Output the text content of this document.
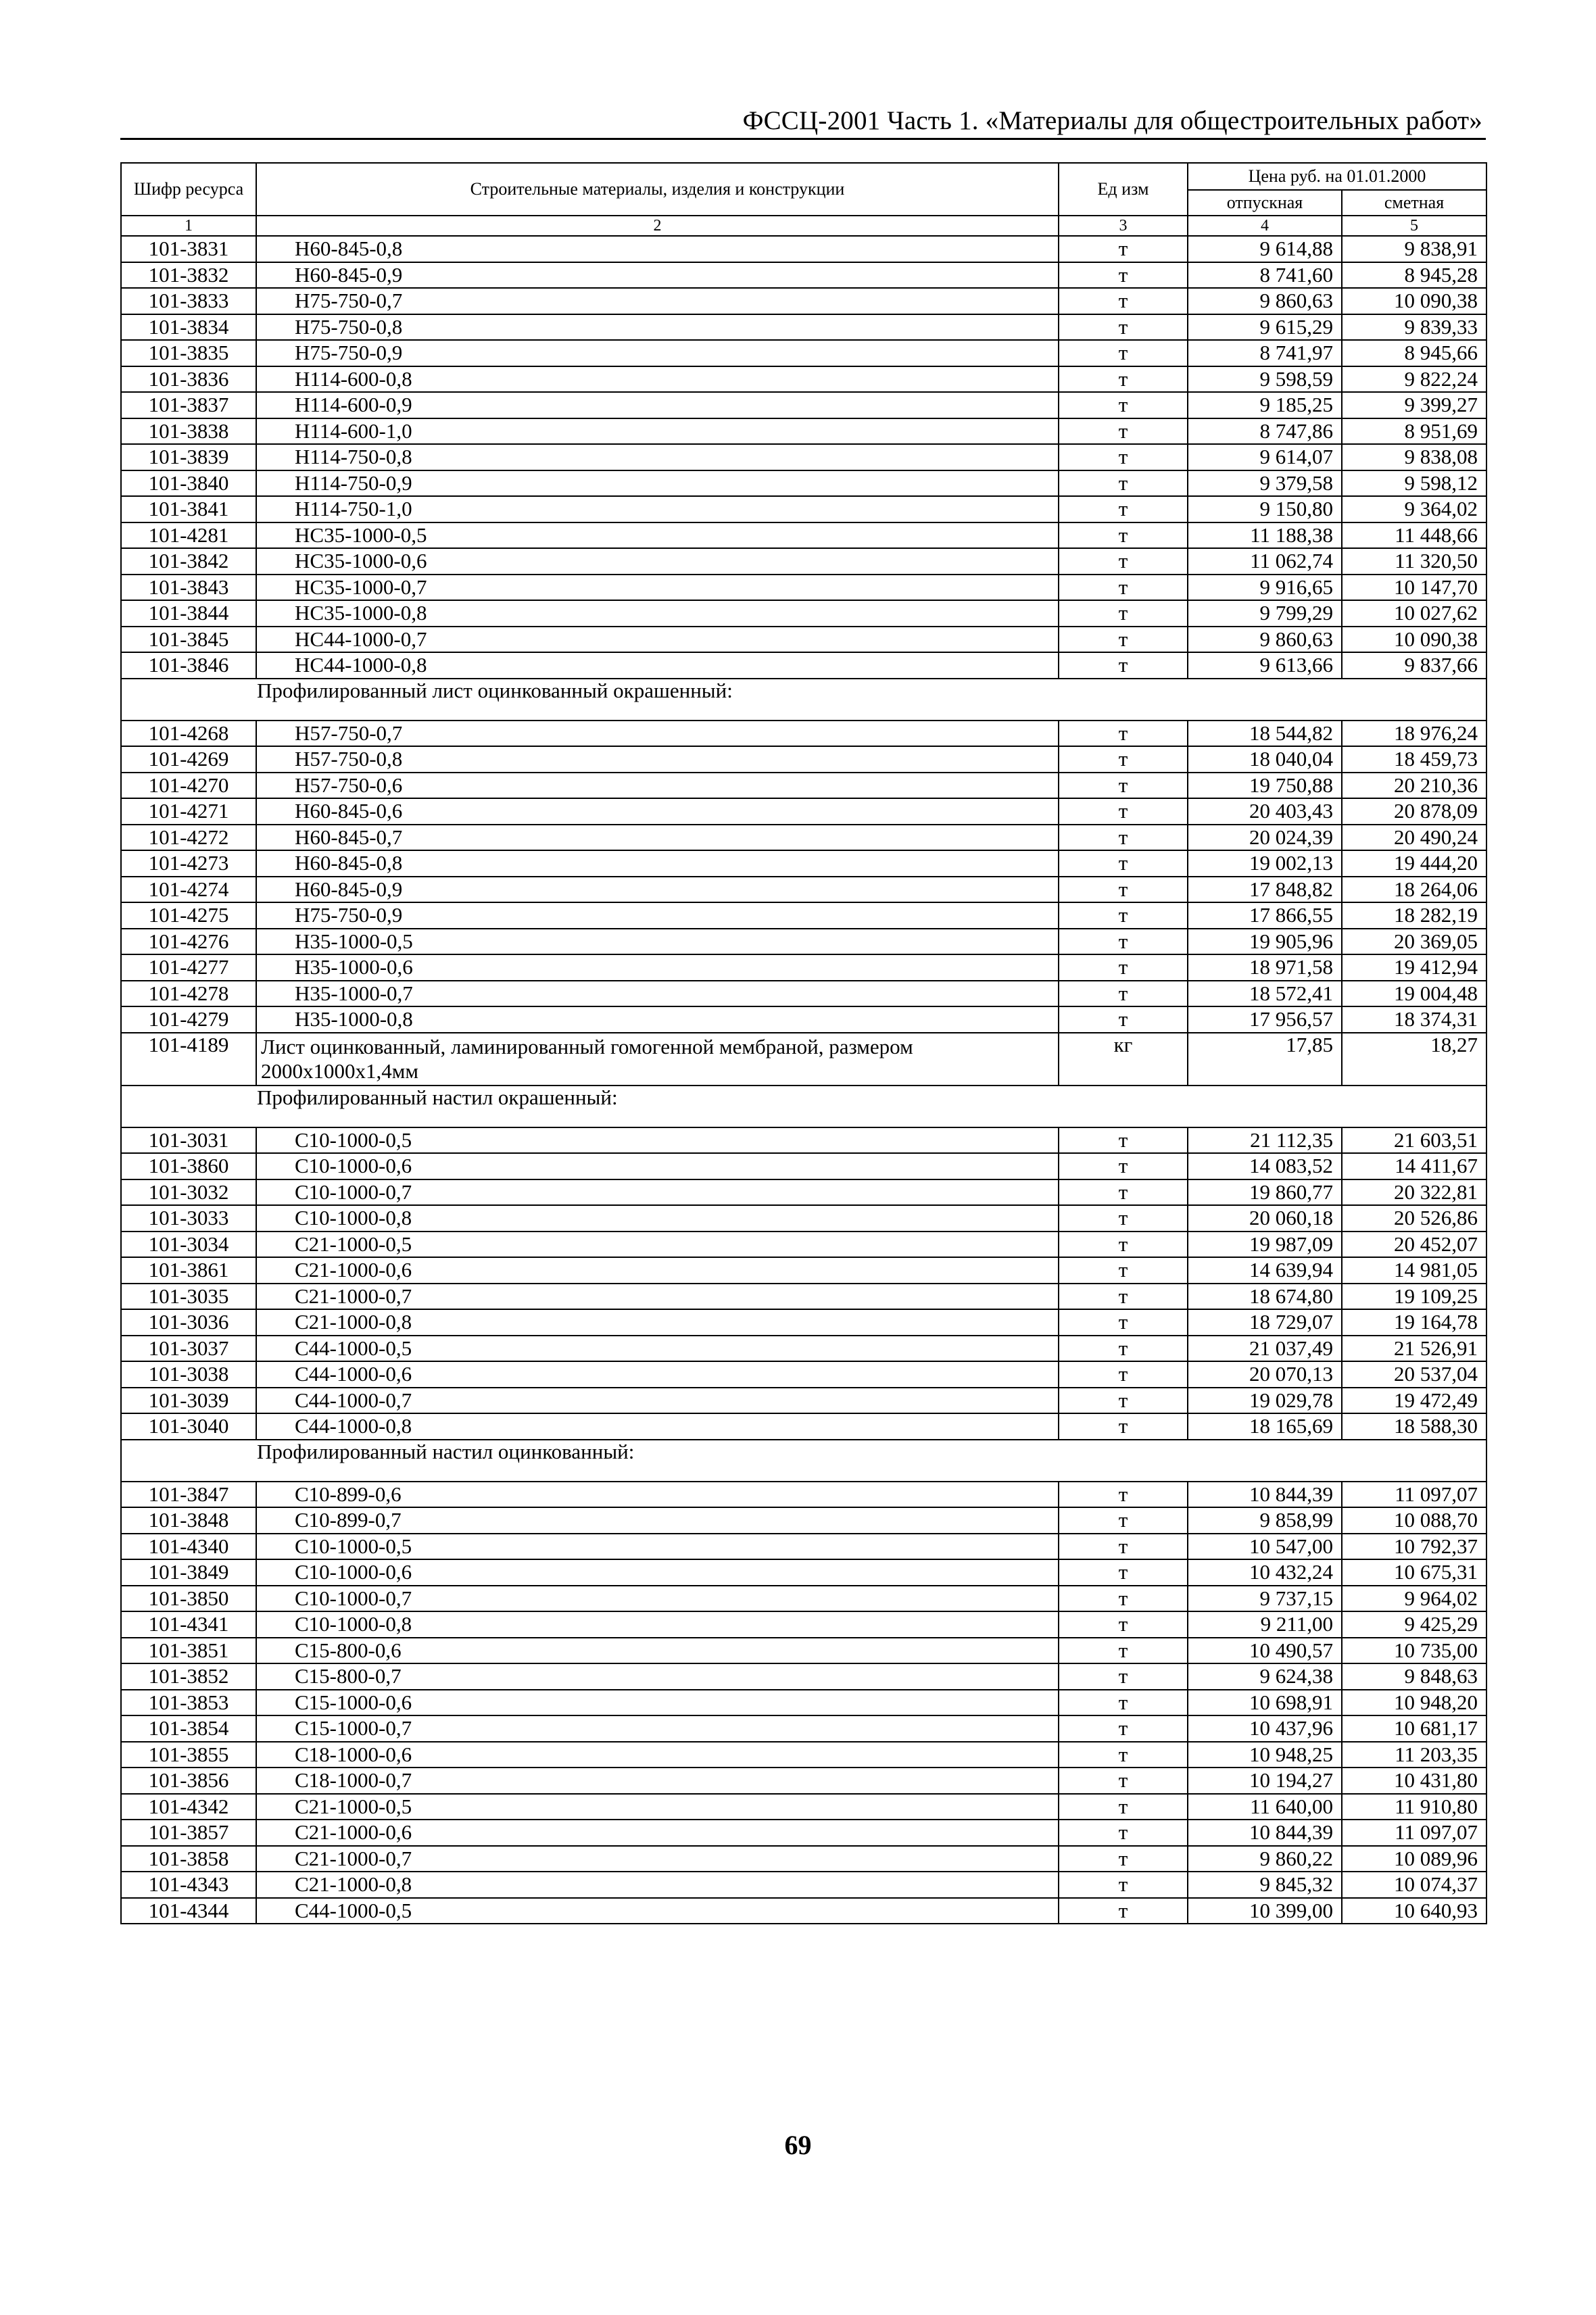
ФССЦ-2001 Часть 1. «Материалы для общестроительных работ»
Шифр ресурса	Строительные материалы, изделия и конструкции	Ед изм	Цена руб. на 01.01.2000	
			отпускная	сметная
1	2	3	4	5
101-3831	Н60-845-0,8	т	9 614,88	9 838,91
101-3832	Н60-845-0,9	т	8 741,60	8 945,28
101-3833	Н75-750-0,7	т	9 860,63	10 090,38
101-3834	Н75-750-0,8	т	9 615,29	9 839,33
101-3835	Н75-750-0,9	т	8 741,97	8 945,66
101-3836	Н114-600-0,8	т	9 598,59	9 822,24
101-3837	Н114-600-0,9	т	9 185,25	9 399,27
101-3838	Н114-600-1,0	т	8 747,86	8 951,69
101-3839	Н114-750-0,8	т	9 614,07	9 838,08
101-3840	Н114-750-0,9	т	9 379,58	9 598,12
101-3841	Н114-750-1,0	т	9 150,80	9 364,02
101-4281	НС35-1000-0,5	т	11 188,38	11 448,66
101-3842	НС35-1000-0,6	т	11 062,74	11 320,50
101-3843	НС35-1000-0,7	т	9 916,65	10 147,70
101-3844	НС35-1000-0,8	т	9 799,29	10 027,62
101-3845	НС44-1000-0,7	т	9 860,63	10 090,38
101-3846	НС44-1000-0,8	т	9 613,66	9 837,66
Профилированный лист оцинкованный окрашенный:				
101-4268	Н57-750-0,7	т	18 544,82	18 976,24
101-4269	Н57-750-0,8	т	18 040,04	18 459,73
101-4270	Н57-750-0,6	т	19 750,88	20 210,36
101-4271	Н60-845-0,6	т	20 403,43	20 878,09
101-4272	Н60-845-0,7	т	20 024,39	20 490,24
101-4273	Н60-845-0,8	т	19 002,13	19 444,20
101-4274	Н60-845-0,9	т	17 848,82	18 264,06
101-4275	Н75-750-0,9	т	17 866,55	18 282,19
101-4276	Н35-1000-0,5	т	19 905,96	20 369,05
101-4277	Н35-1000-0,6	т	18 971,58	19 412,94
101-4278	Н35-1000-0,7	т	18 572,41	19 004,48
101-4279	Н35-1000-0,8	т	17 956,57	18 374,31
101-4189	Лист оцинкованный, ламинированный гомогенной мембраной, размером 2000х1000х1,4мм	кг	17,85	18,27
Профилированный настил окрашенный:				
101-3031	С10-1000-0,5	т	21 112,35	21 603,51
101-3860	С10-1000-0,6	т	14 083,52	14 411,67
101-3032	С10-1000-0,7	т	19 860,77	20 322,81
101-3033	С10-1000-0,8	т	20 060,18	20 526,86
101-3034	С21-1000-0,5	т	19 987,09	20 452,07
101-3861	С21-1000-0,6	т	14 639,94	14 981,05
101-3035	С21-1000-0,7	т	18 674,80	19 109,25
101-3036	С21-1000-0,8	т	18 729,07	19 164,78
101-3037	С44-1000-0,5	т	21 037,49	21 526,91
101-3038	С44-1000-0,6	т	20 070,13	20 537,04
101-3039	С44-1000-0,7	т	19 029,78	19 472,49
101-3040	С44-1000-0,8	т	18 165,69	18 588,30
Профилированный настил оцинкованный:				
101-3847	С10-899-0,6	т	10 844,39	11 097,07
101-3848	С10-899-0,7	т	9 858,99	10 088,70
101-4340	С10-1000-0,5	т	10 547,00	10 792,37
101-3849	С10-1000-0,6	т	10 432,24	10 675,31
101-3850	С10-1000-0,7	т	9 737,15	9 964,02
101-4341	С10-1000-0,8	т	9 211,00	9 425,29
101-3851	С15-800-0,6	т	10 490,57	10 735,00
101-3852	С15-800-0,7	т	9 624,38	9 848,63
101-3853	С15-1000-0,6	т	10 698,91	10 948,20
101-3854	С15-1000-0,7	т	10 437,96	10 681,17
101-3855	С18-1000-0,6	т	10 948,25	11 203,35
101-3856	С18-1000-0,7	т	10 194,27	10 431,80
101-4342	С21-1000-0,5	т	11 640,00	11 910,80
101-3857	С21-1000-0,6	т	10 844,39	11 097,07
101-3858	С21-1000-0,7	т	9 860,22	10 089,96
101-4343	С21-1000-0,8	т	9 845,32	10 074,37
101-4344	С44-1000-0,5	т	10 399,00	10 640,93
69
